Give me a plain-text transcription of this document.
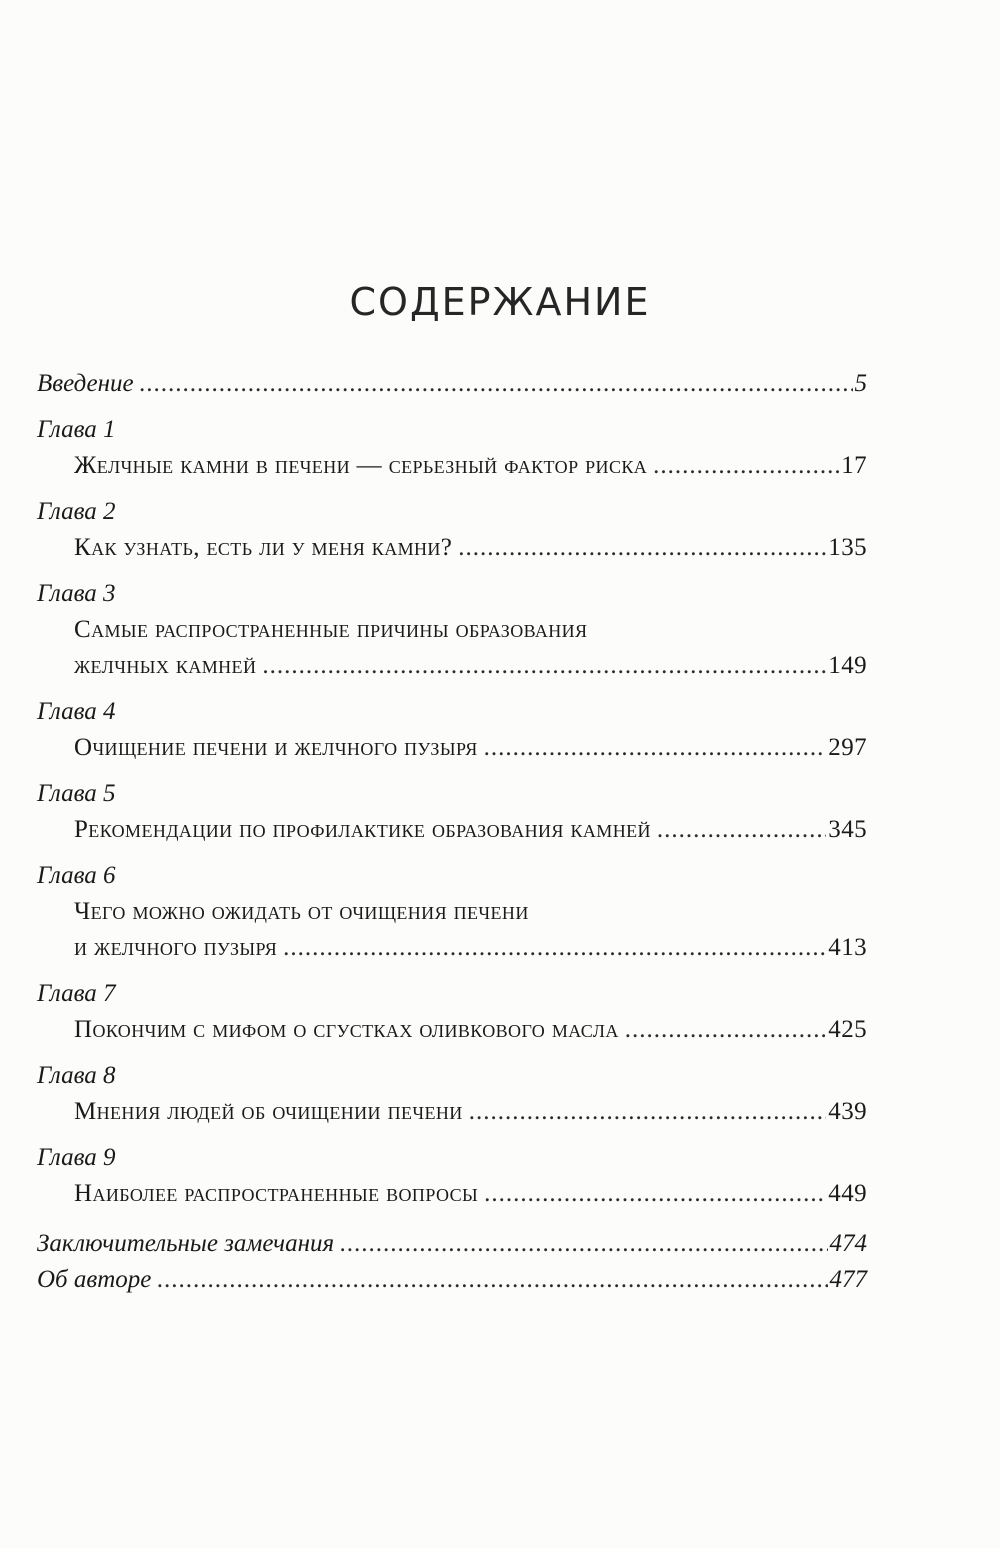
СОДЕРЖАНИЕ
Введение .....	5
Глава 1
Желчные камни в печени — серьезный фактор риска .....	17
Глава 2
Как узнать, есть ли у меня камни? .....	135
Глава 3
Самые распространенные причины образования
желчных камней .....	149
Глава 4
Очищение печени и желчного пузыря .....	297
Глава 5
Рекомендации по профилактике образования камней .....	345
Глава 6
Чего можно ожидать от очищения печени
и желчного пузыря .....	413
Глава 7
Покончим с мифом о сгустках оливкового масла .....	425
Глава 8
Мнения людей об очищении печени .....	439
Глава 9
Наиболее распространенные вопросы .....	449
Заключительные замечания .....	474
Об авторе .....	477
